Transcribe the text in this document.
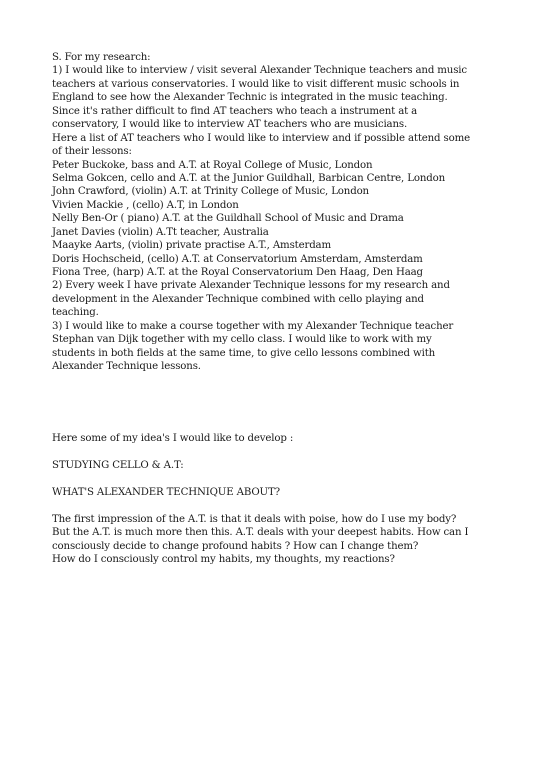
S. For my research:
1) I would like to interview / visit several Alexander Technique teachers and music
teachers at various conservatories. I would like to visit different music schools in
England to see how the Alexander Technic is integrated in the music teaching.
Since it's rather difficult to find AT teachers who teach a instrument at a
conservatory, I would like to interview AT teachers who are musicians.
Here a list of AT teachers who I would like to interview and if possible attend some
of their lessons:
Peter Buckoke, bass and A.T. at Royal College of Music, London
Selma Gokcen, cello and A.T. at the Junior Guildhall, Barbican Centre, London
John Crawford, (violin) A.T. at Trinity College of Music, London
Vivien Mackie , (cello) A.T, in London
Nelly Ben-Or ( piano) A.T. at the Guildhall School of Music and Drama
Janet Davies (violin) A.Tt teacher, Australia
Maayke Aarts, (violin) private practise A.T., Amsterdam
Doris Hochscheid, (cello) A.T. at Conservatorium Amsterdam, Amsterdam
Fiona Tree, (harp) A.T. at the Royal Conservatorium Den Haag, Den Haag
2) Every week I have private Alexander Technique lessons for my research and
development in the Alexander Technique combined with cello playing and
teaching.
3) I would like to make a course together with my Alexander Technique teacher
Stephan van Dijk together with my cello class. I would like to work with my
students in both fields at the same time, to give cello lessons combined with
Alexander Technique lessons.
Here some of my idea's I would like to develop :
STUDYING CELLO & A.T:
WHAT'S ALEXANDER TECHNIQUE ABOUT?
The first impression of the A.T. is that it deals with poise, how do I use my body?
But the A.T. is much more then this. A.T. deals with your deepest habits. How can I
consciously decide to change profound habits ? How can I change them?
How do I consciously control my habits, my thoughts, my reactions?
